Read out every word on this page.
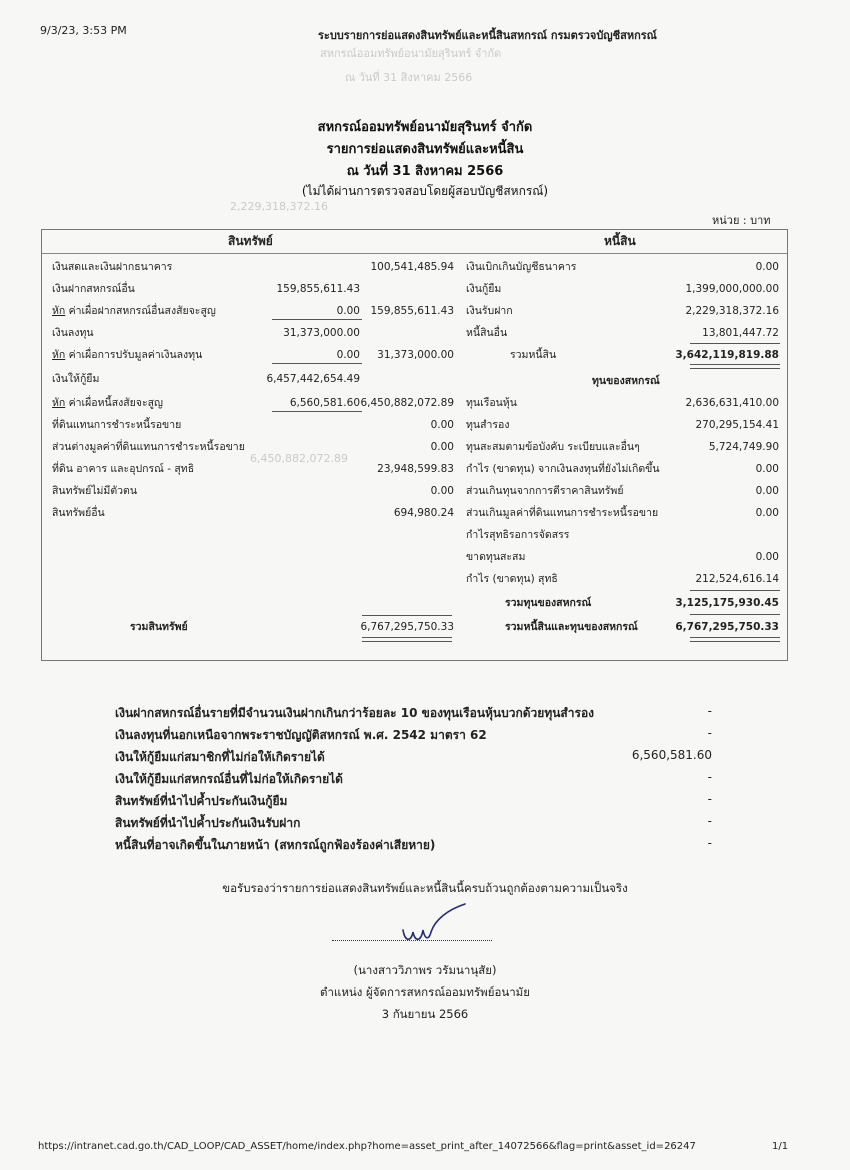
9/3/23, 3:53 PM	ระบบรายการย่อแสดงสินทรัพย์และหนี้สินสหกรณ์ กรมตรวจบัญชีสหกรณ์
สหกรณ์ออมทรัพย์อนามัยสุรินทร์ จำกัด
ณ วันที่ 31 สิงหาคม 2566
2,229,318,372.16
6,450,882,072.89
สหกรณ์ออมทรัพย์อนามัยสุรินทร์ จำกัด
รายการย่อแสดงสินทรัพย์และหนี้สิน
ณ วันที่ 31 สิงหาคม 2566
(ไม่ได้ผ่านการตรวจสอบโดยผู้สอบบัญชีสหกรณ์)
หน่วย : บาท
สินทรัพย์
เงินสดและเงินฝากธนาคาร	100,541,485.94
เงินฝากสหกรณ์อื่น	159,855,611.43
หัก ค่าเผื่อฝากสหกรณ์อื่นสงสัยจะสูญ	0.00	159,855,611.43
เงินลงทุน	31,373,000.00
หัก ค่าเผื่อการปรับมูลค่าเงินลงทุน	0.00	31,373,000.00
เงินให้กู้ยืม	6,457,442,654.49
หัก ค่าเผื่อหนี้สงสัยจะสูญ	6,560,581.60 6,450,882,072.89
ที่ดินแทนการชำระหนี้รอขาย	0.00
ส่วนต่างมูลค่าที่ดินแทนการชำระหนี้รอขาย	0.00
ที่ดิน อาคาร และอุปกรณ์ - สุทธิ	23,948,599.83
สินทรัพย์ไม่มีตัวตน	0.00
สินทรัพย์อื่น	694,980.24
รวมสินทรัพย์	6,767,295,750.33
หนี้สิน
เงินเบิกเกินบัญชีธนาคาร	0.00
เงินกู้ยืม	1,399,000,000.00
เงินรับฝาก	2,229,318,372.16
หนี้สินอื่น	13,801,447.72
รวมหนี้สิน	3,642,119,819.88
ทุนของสหกรณ์
ทุนเรือนหุ้น	2,636,631,410.00
ทุนสำรอง	270,295,154.41
ทุนสะสมตามข้อบังคับ ระเบียบและอื่นๆ	5,724,749.90
กำไร (ขาดทุน) จากเงินลงทุนที่ยังไม่เกิดขึ้น	0.00
ส่วนเกินทุนจากการตีราคาสินทรัพย์	0.00
ส่วนเกินมูลค่าที่ดินแทนการชำระหนี้รอขาย	0.00
กำไรสุทธิรอการจัดสรร
ขาดทุนสะสม	0.00
กำไร (ขาดทุน) สุทธิ	212,524,616.14
รวมทุนของสหกรณ์	3,125,175,930.45
รวมหนี้สินและทุนของสหกรณ์	6,767,295,750.33
เงินฝากสหกรณ์อื่นรายที่มีจำนวนเงินฝากเกินกว่าร้อยละ 10 ของทุนเรือนหุ้นบวกด้วยทุนสำรอง	-
เงินลงทุนที่นอกเหนือจากพระราชบัญญัติสหกรณ์ พ.ศ. 2542 มาตรา 62	-
เงินให้กู้ยืมแก่สมาชิกที่ไม่ก่อให้เกิดรายได้	6,560,581.60
เงินให้กู้ยืมแก่สหกรณ์อื่นที่ไม่ก่อให้เกิดรายได้	-
สินทรัพย์ที่นำไปค้ำประกันเงินกู้ยืม	-
สินทรัพย์ที่นำไปค้ำประกันเงินรับฝาก	-
หนี้สินที่อาจเกิดขึ้นในภายหน้า (สหกรณ์ถูกฟ้องร้องค่าเสียหาย)	-
ขอรับรองว่ารายการย่อแสดงสินทรัพย์และหนี้สินนี้ครบถ้วนถูกต้องตามความเป็นจริง
(นางสาววิภาพร วรัมนานุสัย)
ตำแหน่ง ผู้จัดการสหกรณ์ออมทรัพย์อนามัย
3 กันยายน 2566
https://intranet.cad.go.th/CAD_LOOP/CAD_ASSET/home/index.php?home=asset_print_after_14072566&flag=print&asset_id=26247	1/1
